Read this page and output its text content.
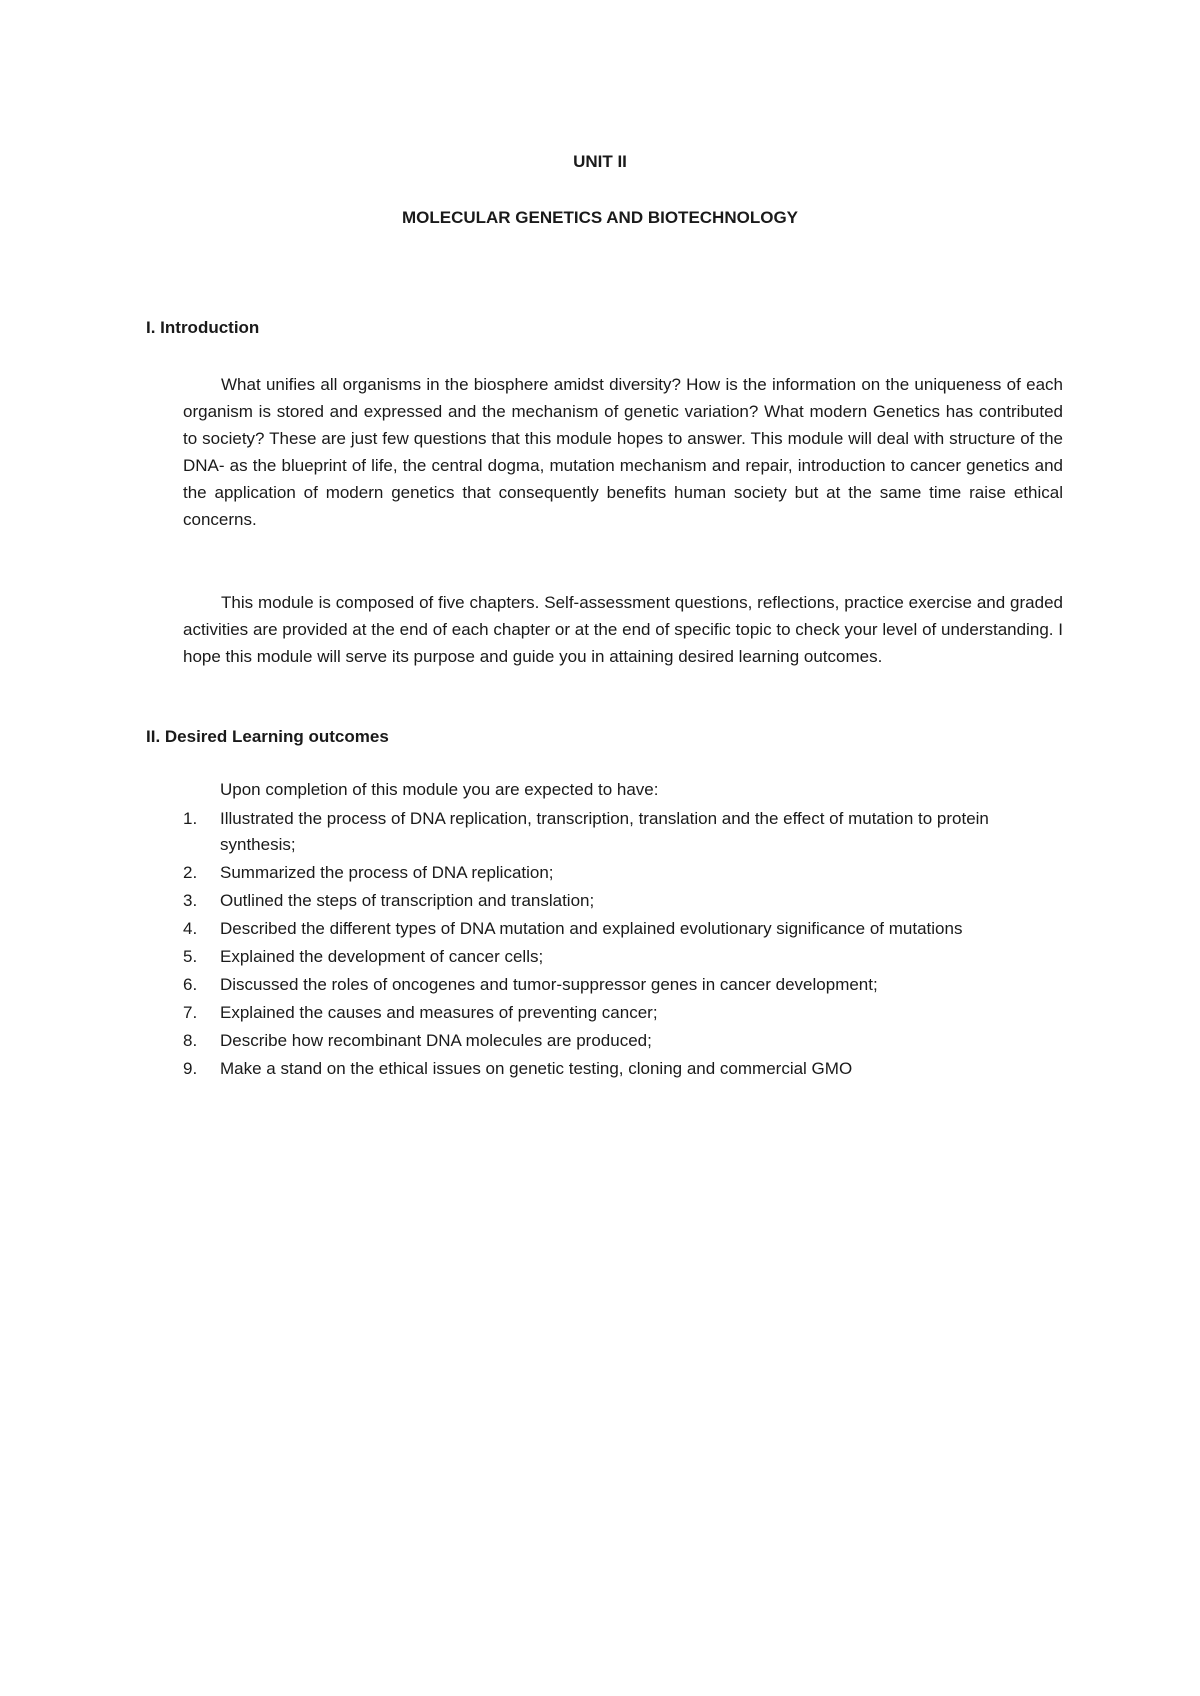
UNIT II
MOLECULAR GENETICS AND BIOTECHNOLOGY
I. Introduction

What unifies all organisms in the biosphere amidst diversity? How is the information on the uniqueness of each organism is stored and expressed and the mechanism of genetic variation? What modern Genetics has contributed to society? These are just few questions that this module hopes to answer. This module will deal with structure of the DNA- as the blueprint of life, the central dogma, mutation mechanism and repair, introduction to cancer genetics and the application of modern genetics that consequently benefits human society but at the same time raise ethical concerns.

This module is composed of five chapters. Self-assessment questions, reflections, practice exercise and graded activities are provided at the end of each chapter or at the end of specific topic to check your level of understanding. I hope this module will serve its purpose and guide you in attaining desired learning outcomes.

II. Desired Learning outcomes

Upon completion of this module you are expected to have:

1. Illustrated the process of DNA replication, transcription, translation and the effect of mutation to protein synthesis;
2. Summarized the process of DNA replication;
3. Outlined the steps of transcription and translation;
4. Described the different types of DNA mutation and explained evolutionary significance of mutations
5. Explained the development of cancer cells;
6. Discussed the roles of oncogenes and tumor-suppressor genes in cancer development;
7. Explained the causes and measures of preventing cancer;
8. Describe how recombinant DNA molecules are produced;
9. Make a stand on the ethical issues on genetic testing, cloning and commercial GMO
